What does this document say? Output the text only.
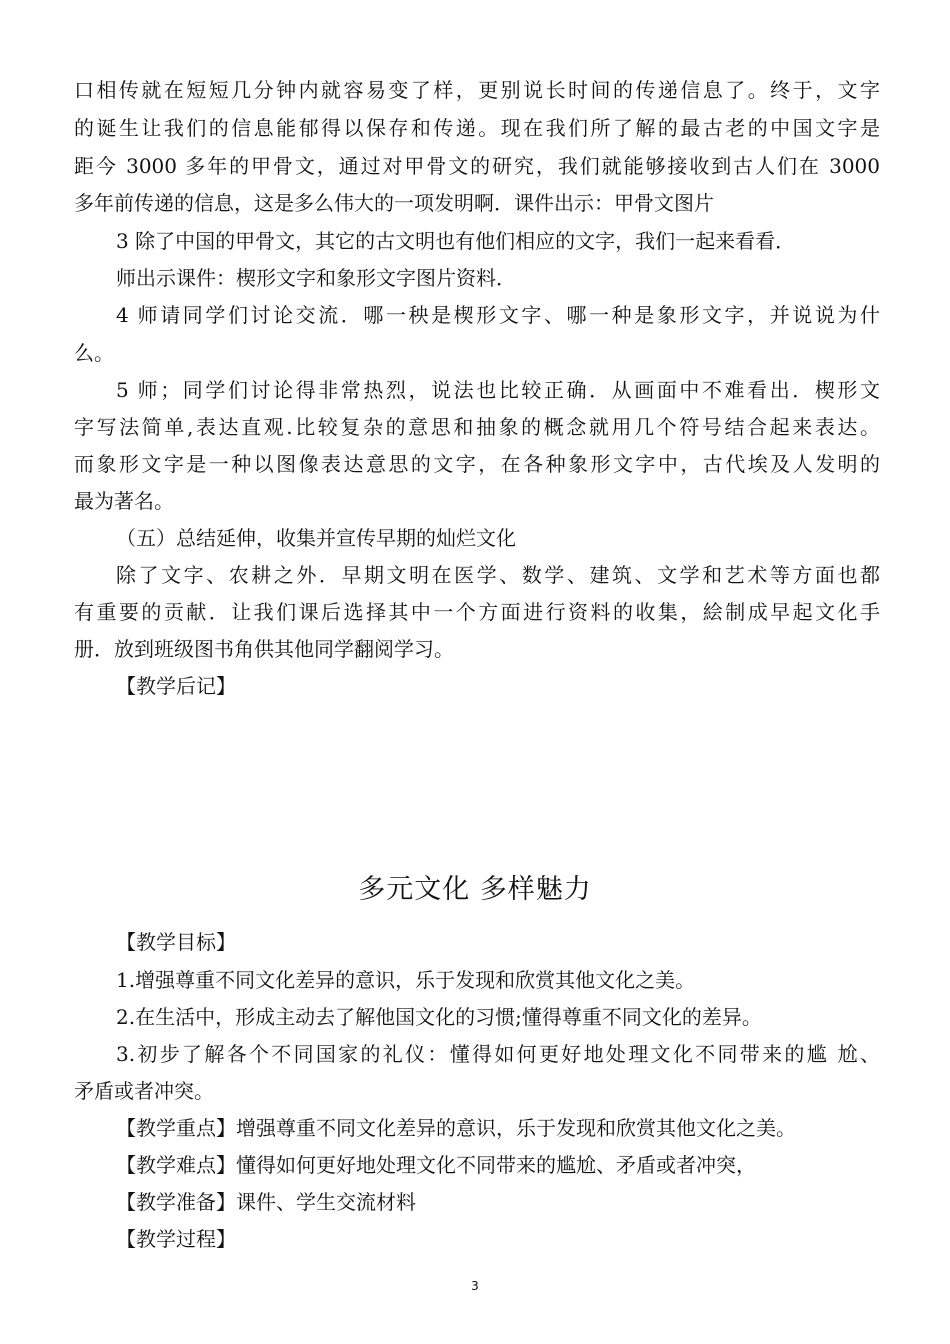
口相传就在短短几分钟内就容易变了样，更别说长时间的传递信息了。终于，文字
的诞生让我们的信息能郁得以保存和传递。现在我们所了解的最古老的中国文字是
距今 3000 多年的甲骨文，通过对甲骨文的研究，我们就能够接收到古人们在 3000
多年前传递的信息，这是多么伟大的一项发明啊．课件出示：甲骨文图片
3 除了中国的甲骨文，其它的古文明也有他们相应的文字，我们一起来看看．
师出示课件：楔形文字和象形文字图片资料．
4 师请同学们讨论交流．哪一秧是楔形文字、哪一种是象形文字，并说说为什
么。
5 师；同学们讨论得非常热烈，说法也比较正确．从画面中不难看出．楔形文
字写法简单,表达直观.比较复杂的意思和抽象的概念就用几个符号结合起来表达。
而象形文字是一种以图像表达意思的文字，在各种象形文字中，古代埃及人发明的
最为著名。
（五）总结延伸，收集并宣传早期的灿烂文化
除了文字、农耕之外．早期文明在医学、数学、建筑、文学和艺术等方面也都
有重要的贡献．让我们课后选择其中一个方面进行资料的收集，絵制成早起文化手
册．放到班级图书角供其他同学翻阅学习。
【教学后记】
多元文化 多样魅力
【教学目标】
1.增强尊重不同文化差异的意识，乐于发现和欣赏其他文化之美。
2.在生活中，形成主动去了解他国文化的习惯;懂得尊重不同文化的差异。
3.初步了解各个不同国家的礼仪：懂得如何更好地处理文化不同带来的尴 尬、
矛盾或者冲突。
【教学重点】增强尊重不同文化差异的意识，乐于发现和欣赏其他文化之美。
【教学难点】懂得如何更好地处理文化不同带来的尴尬、矛盾或者冲突，
【教学准备】课件、学生交流材料
【教学过程】
3
